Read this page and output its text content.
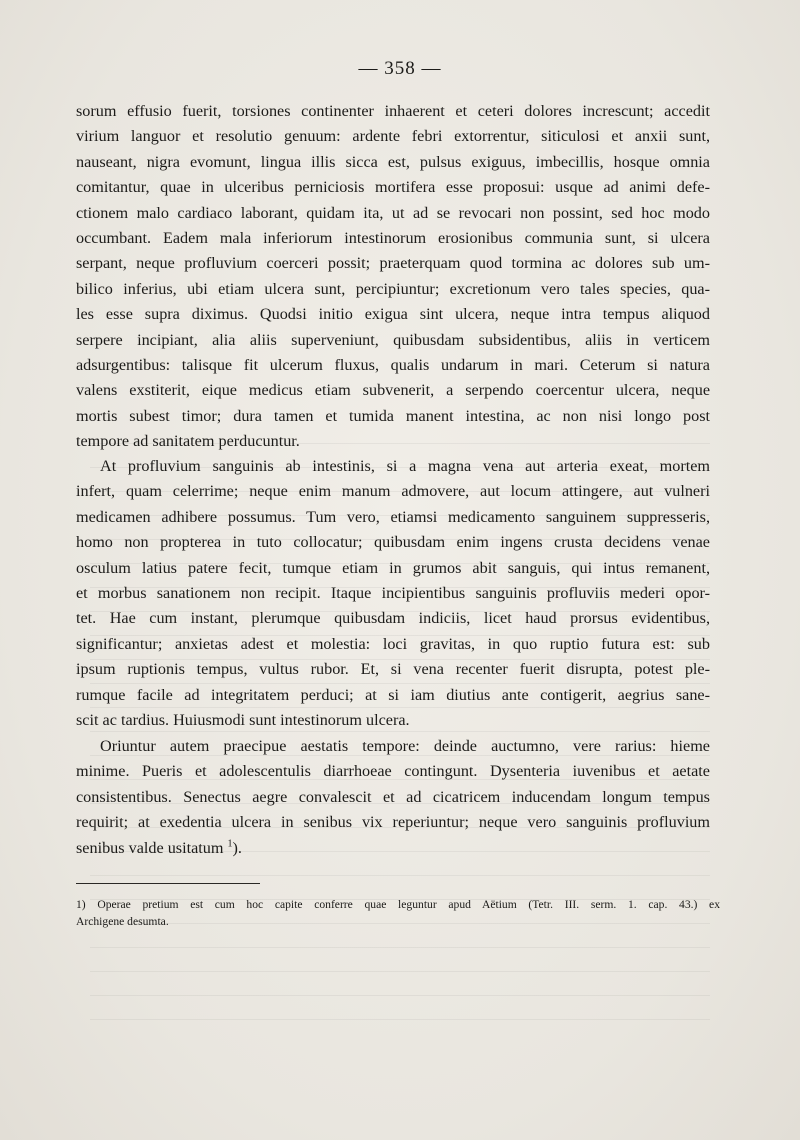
— 358 —
sorum effusio fuerit, torsiones continenter inhaerent et ceteri dolores increscunt; accedit
virium languor et resolutio genuum: ardente febri extorrentur, siticulosi et anxii sunt,
nauseant, nigra evomunt, lingua illis sicca est, pulsus exiguus, imbecillis, hosque omnia
comitantur, quae in ulceribus perniciosis mortifera esse proposui: usque ad animi defe-
ctionem malo cardiaco laborant, quidam ita, ut ad se revocari non possint, sed hoc modo
occumbant. Eadem mala inferiorum intestinorum erosionibus communia sunt, si ulcera
serpant, neque profluvium coerceri possit; praeterquam quod tormina ac dolores sub um-
bilico inferius, ubi etiam ulcera sunt, percipiuntur; excretionum vero tales species, qua-
les esse supra diximus. Quodsi initio exigua sint ulcera, neque intra tempus aliquod
serpere incipiant, alia aliis superveniunt, quibusdam subsidentibus, aliis in verticem
adsurgentibus: talisque fit ulcerum fluxus, qualis undarum in mari. Ceterum si natura
valens exstiterit, eique medicus etiam subvenerit, a serpendo coercentur ulcera, neque
mortis subest timor; dura tamen et tumida manent intestina, ac non nisi longo post
tempore ad sanitatem perducuntur.
At profluvium sanguinis ab intestinis, si a magna vena aut arteria exeat, mortem
infert, quam celerrime; neque enim manum admovere, aut locum attingere, aut vulneri
medicamen adhibere possumus. Tum vero, etiamsi medicamento sanguinem suppresseris,
homo non propterea in tuto collocatur; quibusdam enim ingens crusta decidens venae
osculum latius patere fecit, tumque etiam in grumos abit sanguis, qui intus remanent,
et morbus sanationem non recipit. Itaque incipientibus sanguinis profluviis mederi opor-
tet. Hae cum instant, plerumque quibusdam indiciis, licet haud prorsus evidentibus,
significantur; anxietas adest et molestia: loci gravitas, in quo ruptio futura est: sub
ipsum ruptionis tempus, vultus rubor. Et, si vena recenter fuerit disrupta, potest ple-
rumque facile ad integritatem perduci; at si iam diutius ante contigerit, aegrius sane-
scit ac tardius. Huiusmodi sunt intestinorum ulcera.
Oriuntur autem praecipue aestatis tempore: deinde auctumno, vere rarius: hieme
minime. Pueris et adolescentulis diarrhoeae contingunt. Dysenteria iuvenibus et aetate
consistentibus. Senectus aegre convalescit et ad cicatricem inducendam longum tempus
requirit; at exedentia ulcera in senibus vix reperiuntur; neque vero sanguinis profluvium
senibus valde usitatum $^1$).
1) Operae pretium est cum hoc capite conferre quae leguntur apud Aëtium (Tetr. III. serm. 1. cap. 43.) ex
Archigene desumta.
